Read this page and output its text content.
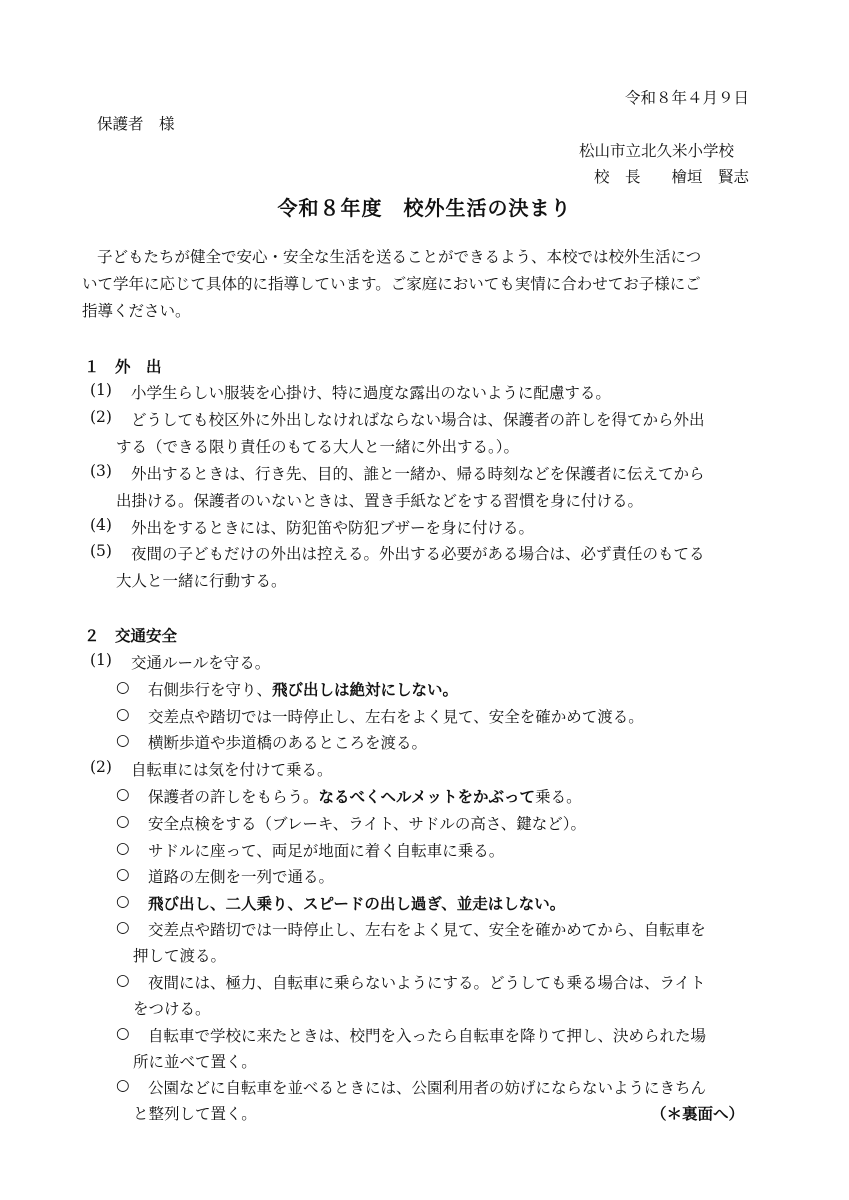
令和８年４月９日
保護者　様
松山市立北久米小学校
校　長　　檜垣　賢志
令和８年度　校外生活の決まり
子どもたちが健全で安心・安全な生活を送ることができるよう、本校では校外生活につ
いて学年に応じて具体的に指導しています。ご家庭においても実情に合わせてお子様にご
指導ください。
１　外　出
(1) 小学生らしい服装を心掛け、特に過度な露出のないように配慮する。
(2) どうしても校区外に外出しなければならない場合は、保護者の許しを得てから外出
する（できる限り責任のもてる大人と一緒に外出する。）。
(3) 外出するときは、行き先、目的、誰と一緒か、帰る時刻などを保護者に伝えてから
出掛ける。保護者のいないときは、置き手紙などをする習慣を身に付ける。
(4) 外出をするときには、防犯笛や防犯ブザーを身に付ける。
(5) 夜間の子どもだけの外出は控える。外出する必要がある場合は、必ず責任のもてる
大人と一緒に行動する。
２　交通安全
(1) 交通ルールを守る。
○ 右側歩行を守り、飛び出しは絶対にしない。
○ 交差点や踏切では一時停止し、左右をよく見て、安全を確かめて渡る。
○ 横断歩道や歩道橋のあるところを渡る。
(2) 自転車には気を付けて乗る。
○ 保護者の許しをもらう。なるべくヘルメットをかぶって乗る。
○ 安全点検をする（ブレーキ、ライト、サドルの高さ、鍵など）。
○ サドルに座って、両足が地面に着く自転車に乗る。
○ 道路の左側を一列で通る。
○ 飛び出し、二人乗り、スピードの出し過ぎ、並走はしない。
○ 交差点や踏切では一時停止し、左右をよく見て、安全を確かめてから、自転車を
押して渡る。
○ 夜間には、極力、自転車に乗らないようにする。どうしても乗る場合は、ライト
をつける。
○ 自転車で学校に来たときは、校門を入ったら自転車を降りて押し、決められた場
所に並べて置く。
○ 公園などに自転車を並べるときには、公園利用者の妨げにならないようにきちん
と整列して置く。	（＊裏面へ）
